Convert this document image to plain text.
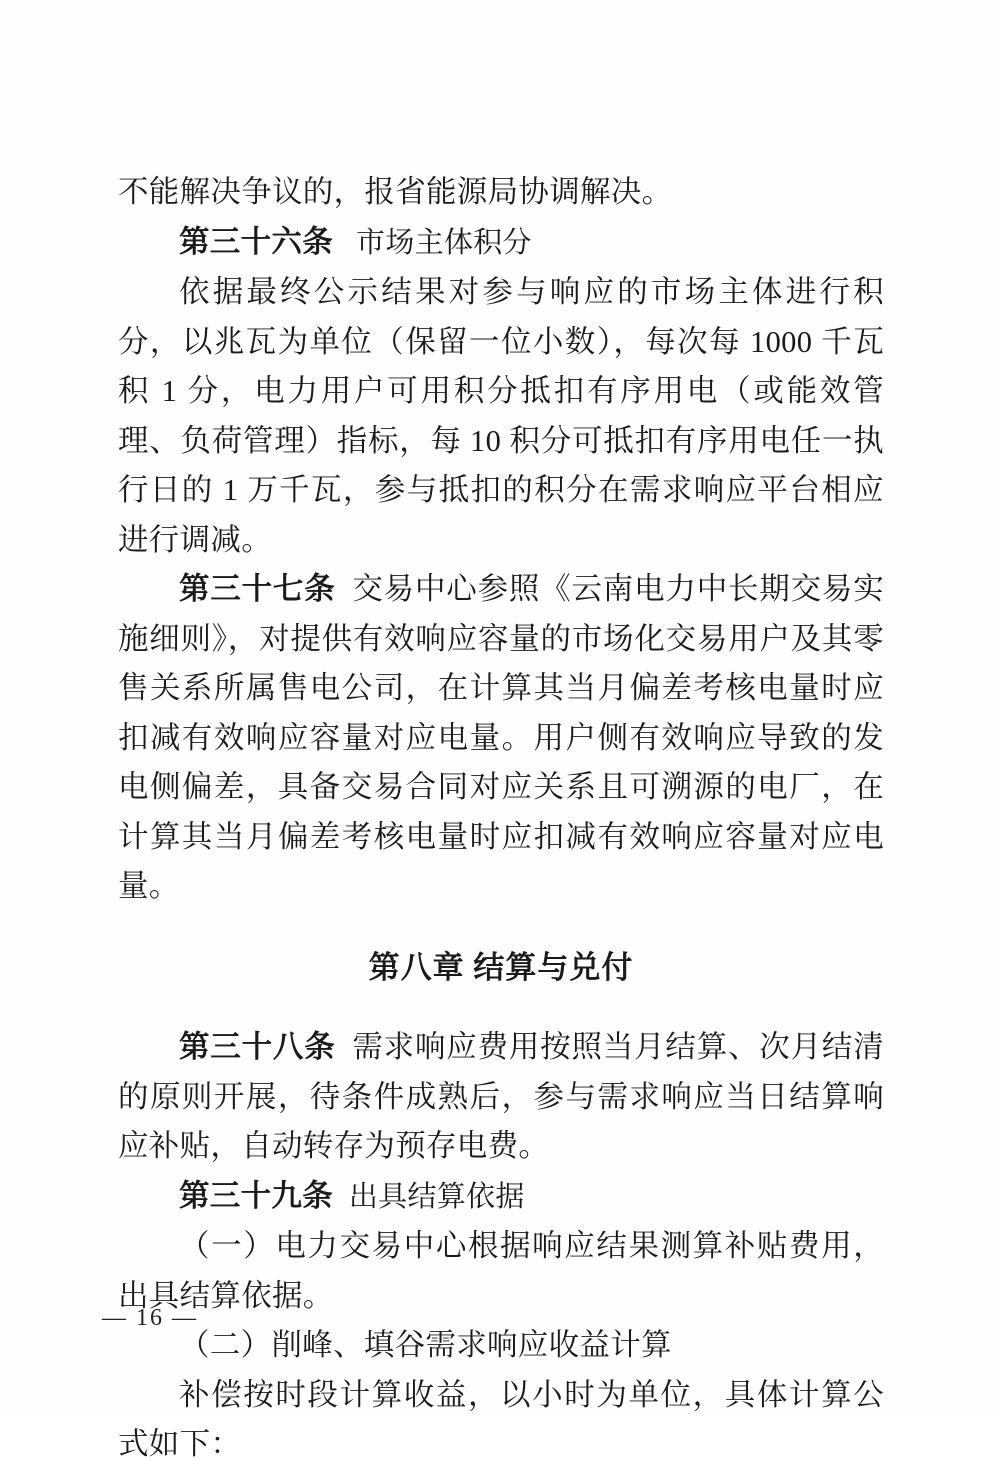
不能解决争议的，报省能源局协调解决。

第三十六条 市场主体积分

依据最终公示结果对参与响应的市场主体进行积分，以兆瓦为单位（保留一位小数），每次每 1000 千瓦积 1 分，电力用户可用积分抵扣有序用电（或能效管理、负荷管理）指标，每 10 积分可抵扣有序用电任一执行日的 1 万千瓦，参与抵扣的积分在需求响应平台相应进行调减。

第三十七条 交易中心参照《云南电力中长期交易实施细则》，对提供有效响应容量的市场化交易用户及其零售关系所属售电公司，在计算其当月偏差考核电量时应扣减有效响应容量对应电量。用户侧有效响应导致的发电侧偏差，具备交易合同对应关系且可溯源的电厂，在计算其当月偏差考核电量时应扣减有效响应容量对应电量。

第八章 结算与兑付

第三十八条 需求响应费用按照当月结算、次月结清的原则开展，待条件成熟后，参与需求响应当日结算响应补贴，自动转存为预存电费。

第三十九条 出具结算依据

（一）电力交易中心根据响应结果测算补贴费用，出具结算依据。

（二）削峰、填谷需求响应收益计算

补偿按时段计算收益，以小时为单位，具体计算公式如下：

— 16 —
